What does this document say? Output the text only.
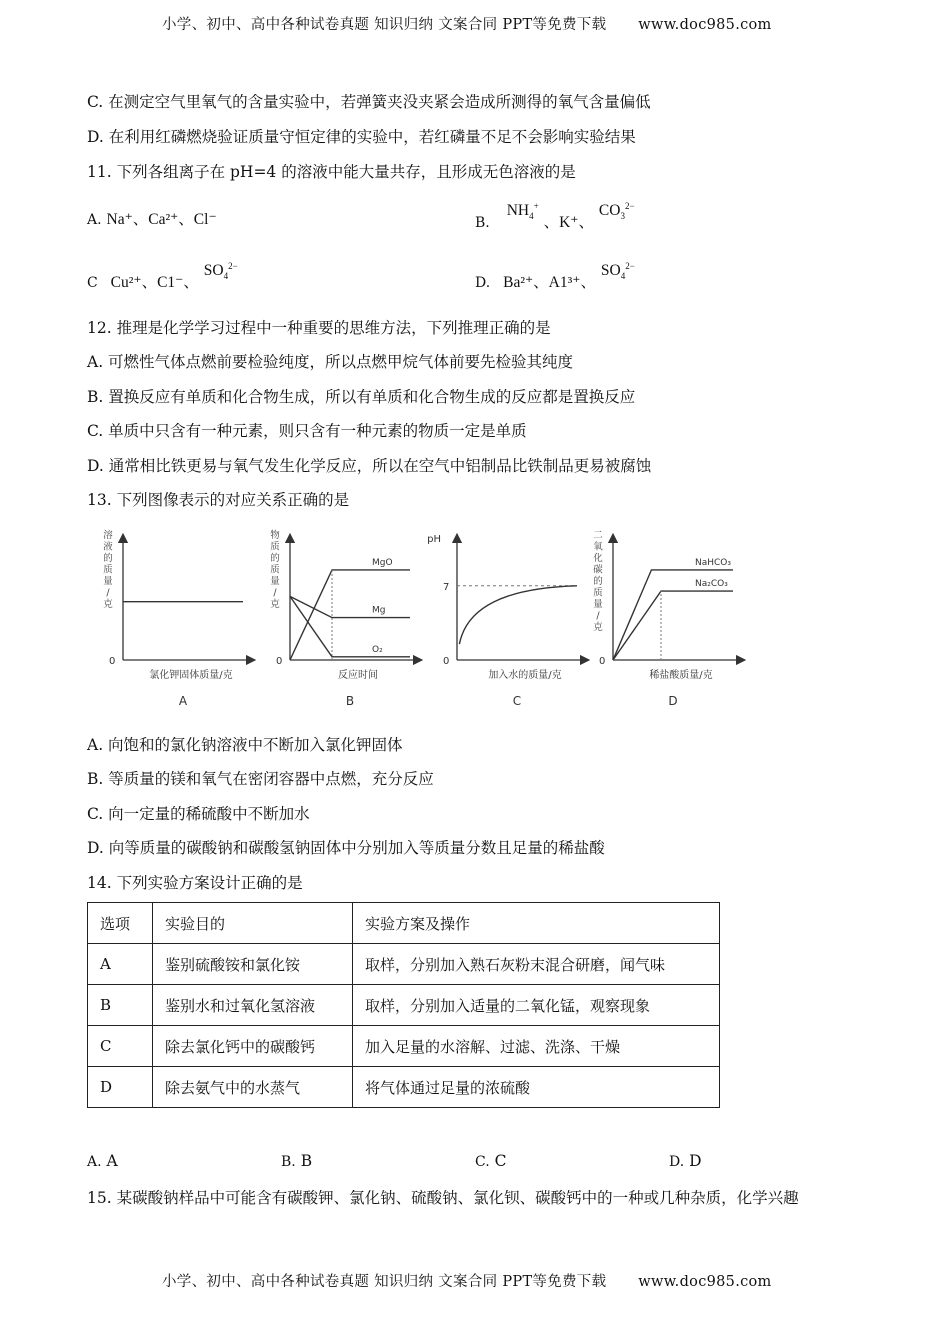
小学、初中、高中各种试卷真题 知识归纳 文案合同 PPT等免费下载 www.doc985.com
C. 在测定空气里氧气的含量实验中，若弹簧夹没夹紧会造成所测得的氧气含量偏低
D. 在利用红磷燃烧验证质量守恒定律的实验中，若红磷量不足不会影响实验结果
11. 下列各组离子在 pH=4 的溶液中能大量共存，且形成无色溶液的是
A. Na⁺、Ca²⁺、Cl⁻	B. $NH_4^+$ 、K⁺、 $CO_3^{2-}$
C Cu²⁺、C1⁻、 $SO_4^{2-}$
D. Ba²⁺、A1³⁺、 $SO_4^{2-}$
12. 推理是化学学习过程中一种重要的思维方法，下列推理正确的是
A. 可燃性气体点燃前要检验纯度，所以点燃甲烷气体前要先检验其纯度
B. 置换反应有单质和化合物生成，所以有单质和化合物生成的反应都是置换反应
C. 单质中只含有一种元素，则只含有一种元素的物质一定是单质
D. 通常相比铁更易与氧气发生化学反应，所以在空气中铝制品比铁制品更易被腐蚀
13. 下列图像表示的对应关系正确的是
0
溶液的质量/克
氯化钾固体质量/克
A
0
物质的质量/克
反应时间
B
MgO
Mg
O₂
0
pH
加入水的质量/克
C
7
0
二氧化碳的质量/克
稀盐酸质量/克
D
NaHCO₃
Na₂CO₃
A. 向饱和的氯化钠溶液中不断加入氯化钾固体
B. 等质量的镁和氧气在密闭容器中点燃，充分反应
C. 向一定量的稀硫酸中不断加水
D. 向等质量的碳酸钠和碳酸氢钠固体中分别加入等质量分数且足量的稀盐酸
14. 下列实验方案设计正确的是
选项	实验目的	实验方案及操作
A	鉴别硫酸铵和氯化铵	取样，分别加入熟石灰粉末混合研磨，闻气味
B	鉴别水和过氧化氢溶液	取样，分别加入适量的二氧化锰，观察现象
C	除去氯化钙中的碳酸钙	加入足量的水溶解、过滤、洗涤、干燥
D	除去氨气中的水蒸气	将气体通过足量的浓硫酸
A. A	B. B	C. C	D. D
15. 某碳酸钠样品中可能含有碳酸钾、氯化钠、硫酸钠、氯化钡、碳酸钙中的一种或几种杂质，化学兴趣
小学、初中、高中各种试卷真题 知识归纳 文案合同 PPT等免费下载 www.doc985.com
